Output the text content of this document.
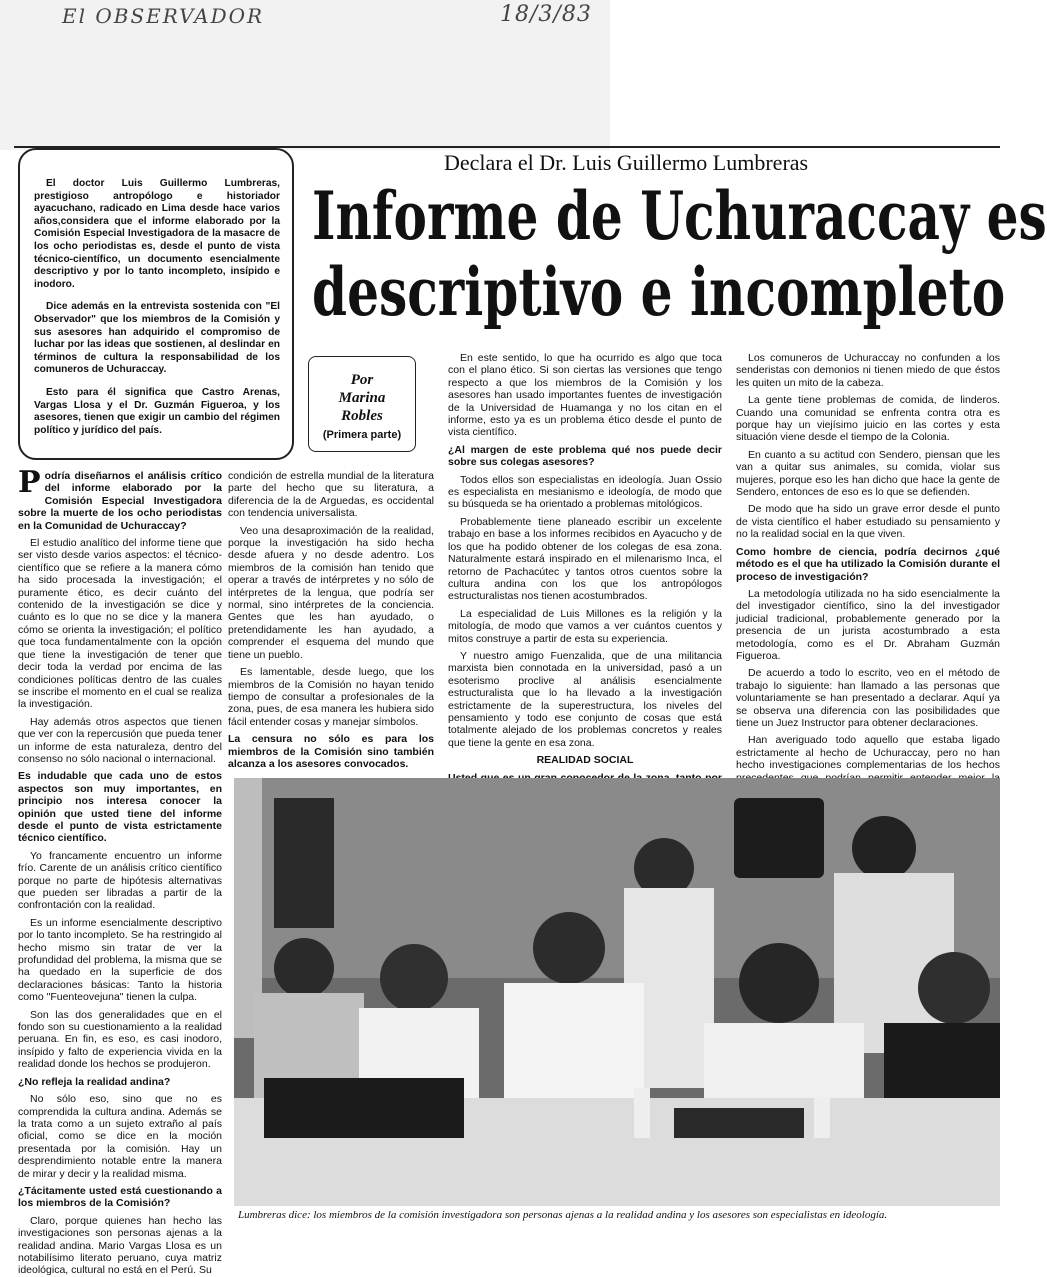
El OBSERVADOR	18/3/83

El doctor Luis Guillermo Lumbreras, prestigioso antropólogo e historiador ayacuchano, radicado en Lima desde hace varios años,considera que el informe elaborado por la Comisión Especial Investigadora de la masacre de los ocho periodistas es, desde el punto de vista técnico-científico, un documento esencialmente descriptivo y por lo tanto incompleto, insípido e inodoro.

Dice además en la entrevista sostenida con "El Observador" que los miembros de la Comisión y sus asesores han adquirido el compromiso de luchar por las ideas que sostienen, al deslindar en términos de cultura la responsabilidad de los comuneros de Uchuraccay.

Esto para él significa que Castro Arenas, Vargas Llosa y el Dr. Guzmán Figueroa, y los asesores, tienen que exigir un cambio del régimen político y jurídico del país.

Declara el Dr. Luis Guillermo Lumbreras
Informe de Uchuraccay es
descriptivo e incompleto
Por
Marina
Robles
(Primera parte)

Podría diseñarnos el análisis crítico del informe elaborado por la Comisión Especial Investigadora sobre la muerte de los ocho periodistas en la Comunidad de Uchuraccay?

El estudio analítico del informe tiene que ser visto desde varios aspectos: el técnico-científico que se refiere a la manera cómo ha sido procesada la investigación; el puramente ético, es decir cuánto del contenido de la investigación se dice y cuánto es lo que no se dice y la manera cómo se orienta la investigación; el político que toca fundamentalmente con la opción que tiene la investigación de tener que decir toda la verdad por encima de las condiciones políticas dentro de las cuales se inscribe el momento en el cual se realiza la investigación.

Hay además otros aspectos que tienen que ver con la repercusión que pueda tener un informe de esta naturaleza, dentro del consenso no sólo nacional o internacional.

Es indudable que cada uno de estos aspectos son muy importantes, en principio nos interesa conocer la opinión que usted tiene del informe desde el punto de vista estrictamente técnico científico.

Yo francamente encuentro un informe frío. Carente de un análisis crítico científico porque no parte de hipótesis alternativas que pueden ser libradas a partir de la confrontación con la realidad.

Es un informe esencialmente descriptivo por lo tanto incompleto. Se ha restringido al hecho mismo sin tratar de ver la profundidad del problema, la misma que se ha quedado en la superficie de dos declaraciones básicas: Tanto la historia como "Fuenteovejuna" tienen la culpa.

Son las dos generalidades que en el fondo son su cuestionamiento a la realidad peruana. En fin, es eso, es casi inodoro, insípido y falto de experiencia vivida en la realidad donde los hechos se produjeron.

¿No refleja la realidad andina?

No sólo eso, sino que no es comprendida la cultura andina. Además se la trata como a un sujeto extraño al país oficial, como se dice en la moción presentada por la comisión. Hay un desprendimiento notable entre la manera de mirar y decir y la realidad misma.

¿Tácitamente usted está cuestionando a los miembros de la Comisión?

Claro, porque quienes han hecho las investigaciones son personas ajenas a la realidad andina. Mario Vargas Llosa es un notabilísimo literato peruano, cuya matriz ideológica, cultural no está en el Perú. Su

condición de estrella mundial de la literatura parte del hecho que su literatura, a diferencia de la de Arguedas, es occidental con tendencia universalista.

Veo una desaproximación de la realidad, porque la investigación ha sido hecha desde afuera y no desde adentro. Los miembros de la comisión han tenido que operar a través de intérpretes y no sólo de intérpretes de la lengua, que podría ser normal, sino intérpretes de la conciencia. Gentes que les han ayudado, o pretendidamente les han ayudado, a comprender el esquema del mundo que tiene un pueblo.

Es lamentable, desde luego, que los miembros de la Comisión no hayan tenido tiempo de consultar a profesionales de la zona, pues, de esa manera les hubiera sido fácil entender cosas y manejar símbolos.

La censura no sólo es para los miembros de la Comisión sino también alcanza a los asesores convocados.

En este sentido, lo que ha ocurrido es algo que toca con el plano ético. Si son ciertas las versiones que tengo respecto a que los miembros de la Comisión y los asesores han usado importantes fuentes de investigación de la Universidad de Huamanga y no los citan en el informe, esto ya es un problema ético desde el punto de vista científico.

¿Al margen de este problema qué nos puede decir sobre sus colegas asesores?

Todos ellos son especialistas en ideología. Juan Ossio es especialista en mesianismo e ideología, de modo que su búsqueda se ha orientado a problemas mitológicos.

Probablemente tiene planeado escribir un excelente trabajo en base a los informes recibidos en Ayacucho y de los que ha podido obtener de los colegas de esa zona. Naturalmente estará inspirado en el milenarismo Inca, el retorno de Pachacútec y tantos otros cuentos sobre la cultura andina con los que los antropólogos estructuralistas nos tienen acostumbrados.

La especialidad de Luis Millones es la religión y la mitología, de modo que vamos a ver cuántos cuentos y mitos construye a partir de esta su experiencia.

Y nuestro amigo Fuenzalida, que de una militancia marxista bien connotada en la universidad, pasó a un esoterismo proclive al análisis esencialmente estructuralista que lo ha llevado a la investigación estrictamente de la superestructura, los niveles del pensamiento y todo ese conjunto de cosas que está totalmente alejado de los problemas concretos y reales que tiene la gente en esa zona.

REALIDAD SOCIAL

Los comuneros de Uchuraccay no confunden a los senderistas con demonios ni tienen miedo de que éstos les quiten un mito de la cabeza.

La gente tiene problemas de comida, de linderos. Cuando una comunidad se enfrenta contra otra es porque hay un viejísimo juicio en las cortes y esta situación viene desde el tiempo de la Colonia.

En cuanto a su actitud con Sendero, piensan que les van a quitar sus animales, su comida, violar sus mujeres, porque eso les han dicho que hace la gente de Sendero, entonces de eso es lo que se defienden.

De modo que ha sido un grave error desde el punto de vista científico el haber estudiado su pensamiento y no la realidad social en la que viven.

Como hombre de ciencia, podría decirnos ¿qué método es el que ha utilizado la Comisión durante el proceso de investigación?

La metodología utilizada no ha sido esencialmente la del investigador científico, sino la del investigador judicial tradicional, probablemente generado por la presencia de un jurista acostumbrado a esta metodología, como es el Dr. Abraham Guzmán Figueroa.

De acuerdo a todo lo escrito, veo en el método de trabajo lo siguiente: han llamado a las personas que voluntariamente se han presentado a declarar. Aquí ya se observa una diferencia con las posibilidades que tiene un Juez Instructor para obtener declaraciones.

Han averiguado todo aquello que estaba ligado estrictamente al hecho de Uchuraccay, pero no han hecho investigaciones complementarias de los hechos

Lumbreras dice: los miembros de la comisión investigadora son personas ajenas a la realidad andina y los asesores son especialistas en ideología.
